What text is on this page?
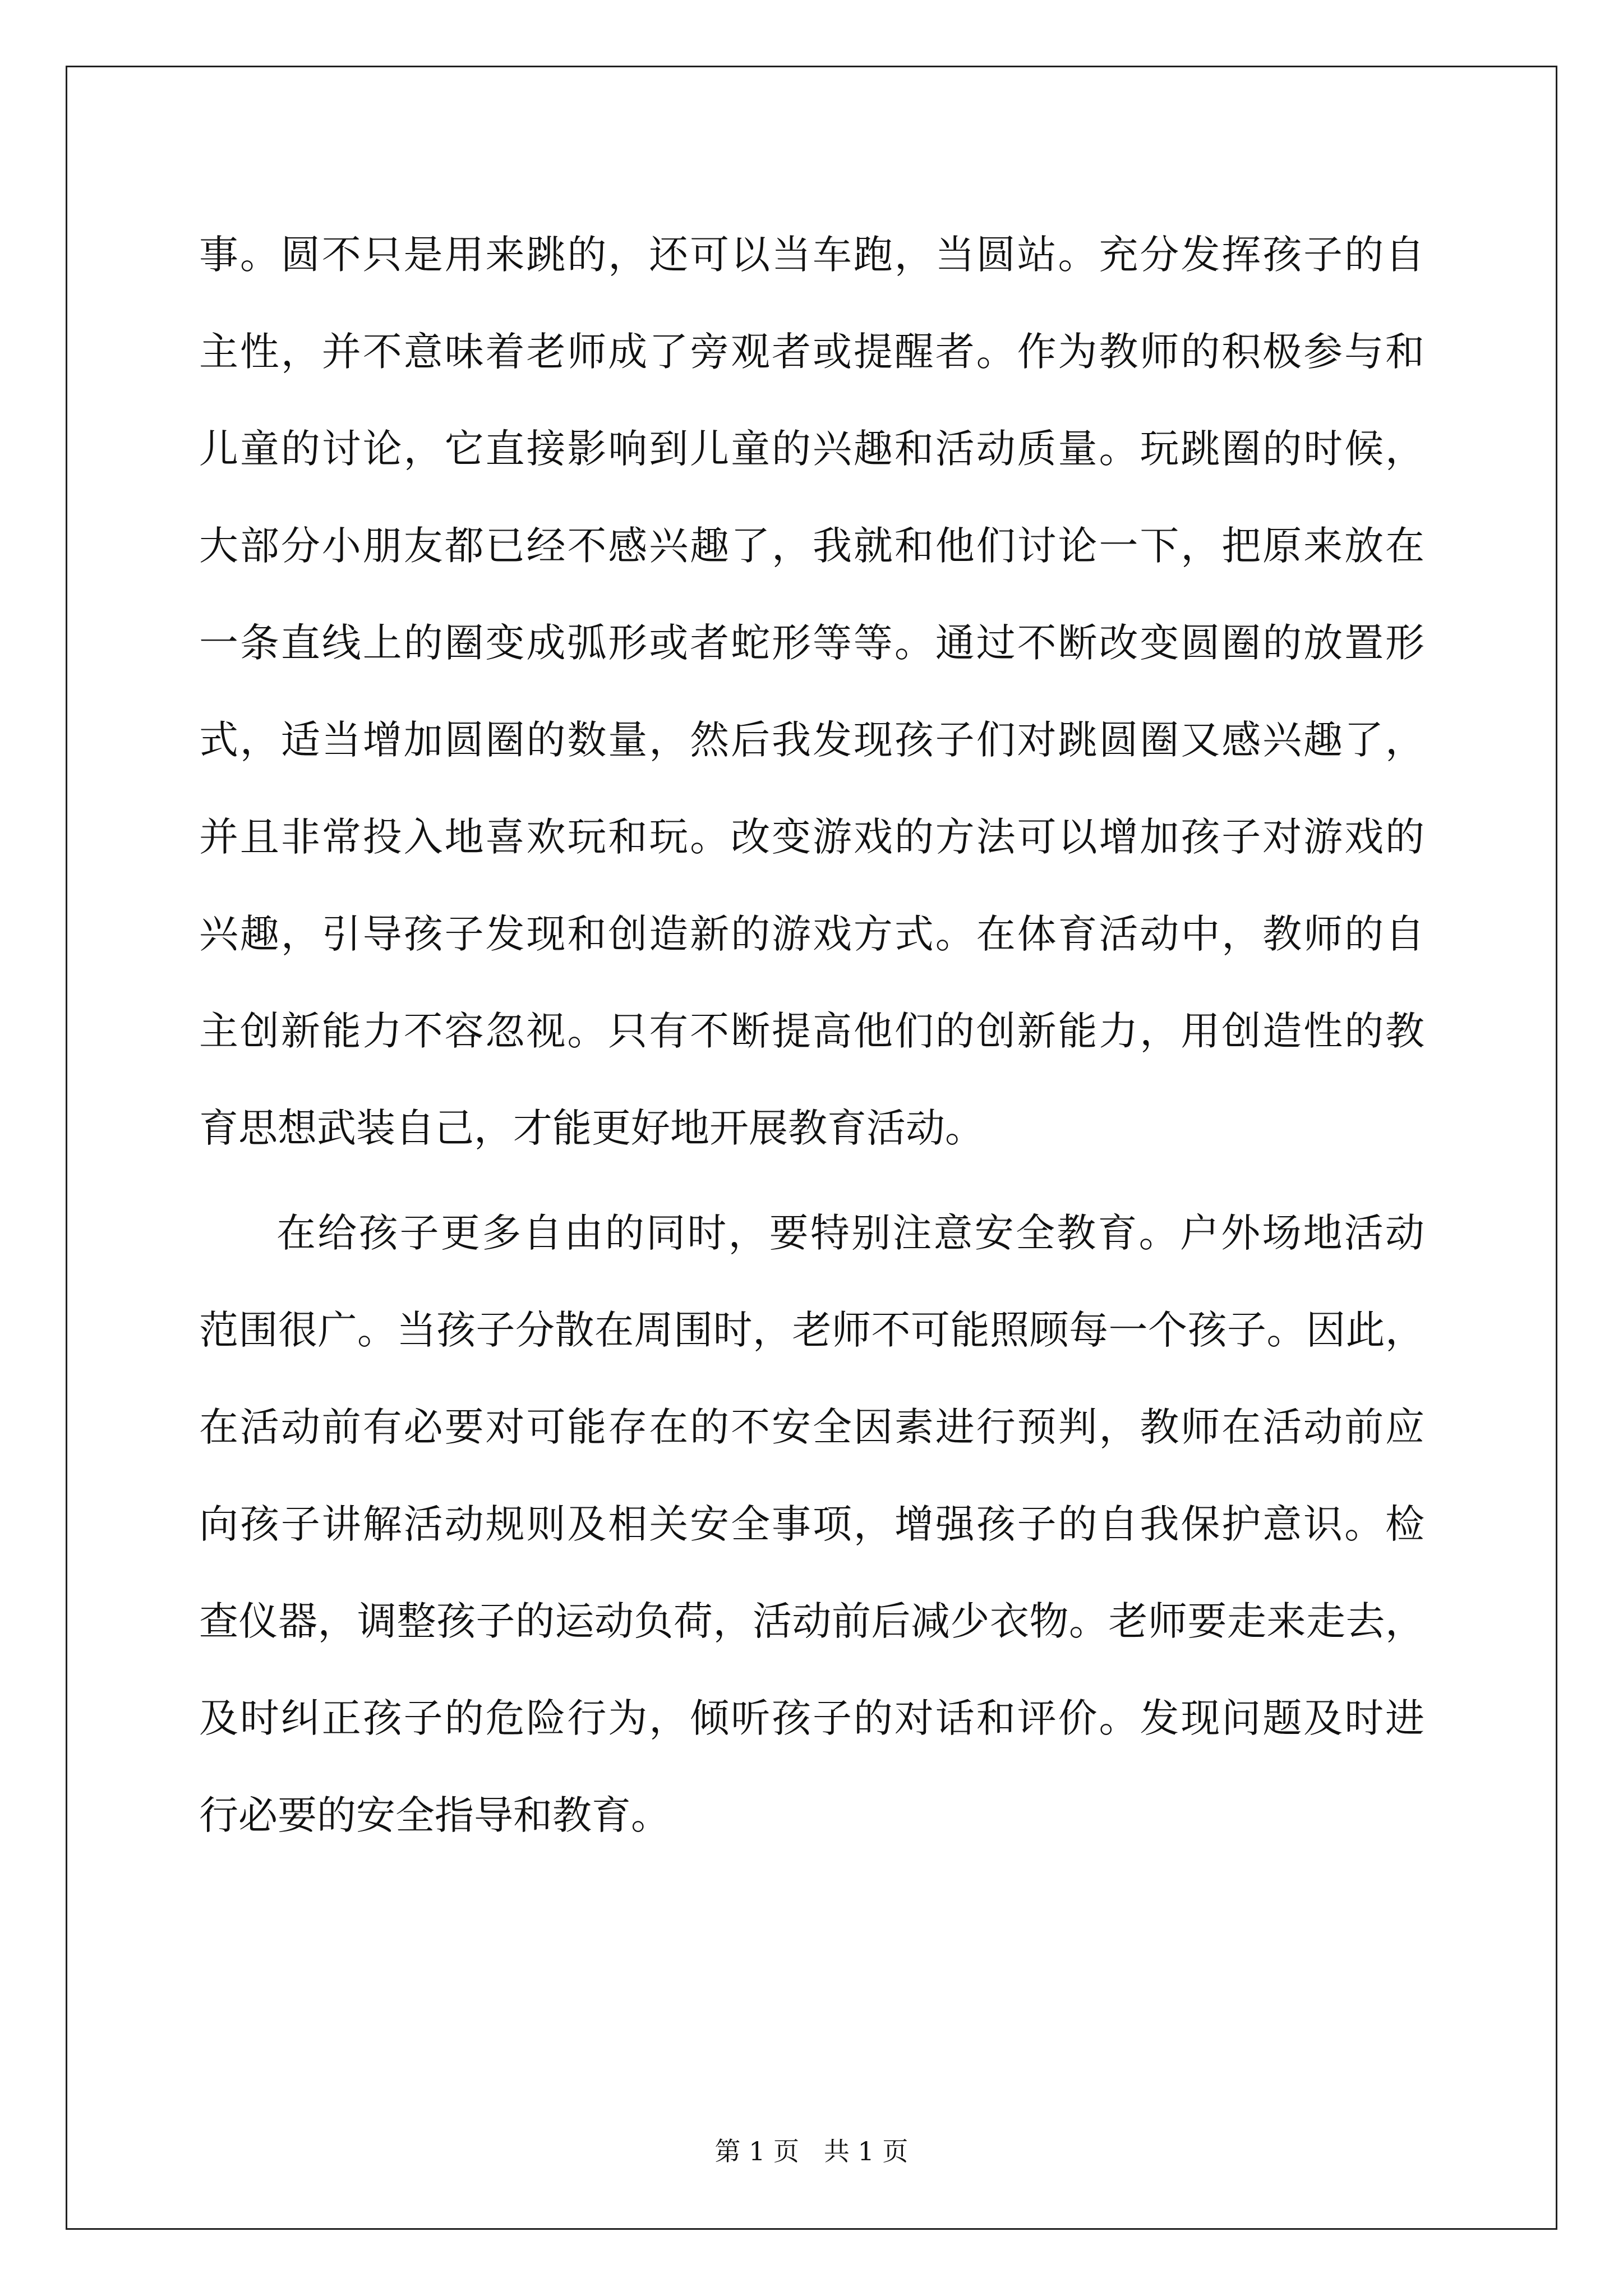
事。圆不只是用来跳的，还可以当车跑，当圆站。充分发挥孩子的自
主性，并不意味着老师成了旁观者或提醒者。作为教师的积极参与和
儿童的讨论，它直接影响到儿童的兴趣和活动质量。玩跳圈的时候，
大部分小朋友都已经不感兴趣了，我就和他们讨论一下，把原来放在
一条直线上的圈变成弧形或者蛇形等等。通过不断改变圆圈的放置形
式，适当增加圆圈的数量，然后我发现孩子们对跳圆圈又感兴趣了，
并且非常投入地喜欢玩和玩。改变游戏的方法可以增加孩子对游戏的
兴趣，引导孩子发现和创造新的游戏方式。在体育活动中，教师的自
主创新能力不容忽视。只有不断提高他们的创新能力，用创造性的教
育思想武装自己，才能更好地开展教育活动。
在给孩子更多自由的同时，要特别注意安全教育。户外场地活动
范围很广。当孩子分散在周围时，老师不可能照顾每一个孩子。因此，
在活动前有必要对可能存在的不安全因素进行预判，教师在活动前应
向孩子讲解活动规则及相关安全事项，增强孩子的自我保护意识。检
查仪器，调整孩子的运动负荷，活动前后减少衣物。老师要走来走去，
及时纠正孩子的危险行为，倾听孩子的对话和评价。发现问题及时进
行必要的安全指导和教育。
第 1 页   共 1 页
